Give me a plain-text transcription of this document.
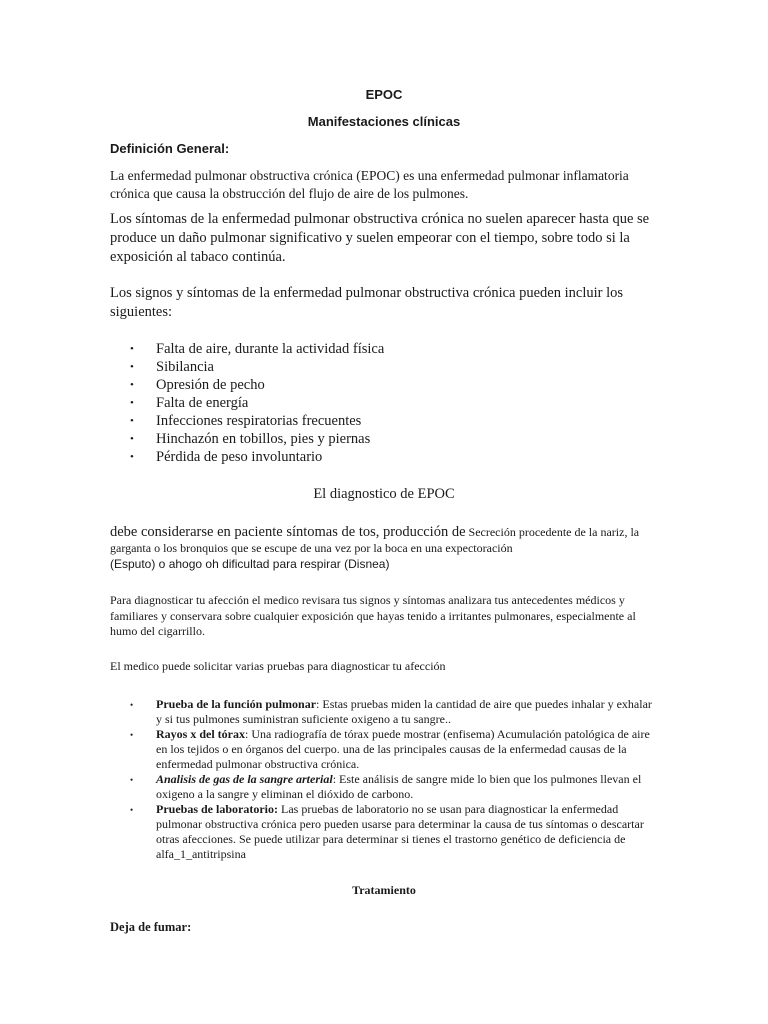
EPOC

Manifestaciones clínicas

Definición General:

La enfermedad pulmonar obstructiva crónica (EPOC) es una enfermedad pulmonar inflamatoria crónica que causa la obstrucción del flujo de aire de los pulmones.

Los síntomas de la enfermedad pulmonar obstructiva crónica no suelen aparecer hasta que se produce un daño pulmonar significativo y suelen empeorar con el tiempo, sobre todo si la exposición al tabaco continúa.

Los signos y síntomas de la enfermedad pulmonar obstructiva crónica pueden incluir los siguientes:

• Falta de aire, durante la actividad física
• Sibilancia
• Opresión de pecho
• Falta de energía
• Infecciones respiratorias frecuentes
• Hinchazón en tobillos, pies y piernas
• Pérdida de peso involuntario

El diagnostico de EPOC

debe considerarse en paciente síntomas de tos, producción de Secreción procedente de la nariz, la garganta o los bronquios que se escupe de una vez por la boca en una expectoración
(Esputo) o ahogo oh dificultad para respirar (Disnea)

Para diagnosticar tu afección el medico revisara tus signos y síntomas analizara tus antecedentes médicos y familiares y conservara sobre cualquier exposición que hayas tenido a irritantes pulmonares, especialmente al humo del cigarrillo.

El medico puede solicitar varias pruebas para diagnosticar tu afección

• Prueba de la función pulmonar: Estas pruebas miden la cantidad de aire que puedes inhalar y exhalar y si tus pulmones suministran suficiente oxigeno a tu sangre..
• Rayos x del tórax: Una radiografía de tórax puede mostrar (enfisema) Acumulación patológica de aire en los tejidos o en órganos del cuerpo. una de las principales causas de la enfermedad causas de la enfermedad pulmonar obstructiva crónica.
• Analisis de gas de la sangre arterial: Este análisis de sangre mide lo bien que los pulmones llevan el oxigeno a la sangre y eliminan el dióxido de carbono.
• Pruebas de laboratorio: Las pruebas de laboratorio no se usan para diagnosticar la enfermedad pulmonar obstructiva crónica pero pueden usarse para determinar la causa de tus síntomas o descartar otras afecciones. Se puede utilizar para determinar si tienes el trastorno genético de deficiencia de alfa_1_antitripsina

Tratamiento

Deja de fumar:
